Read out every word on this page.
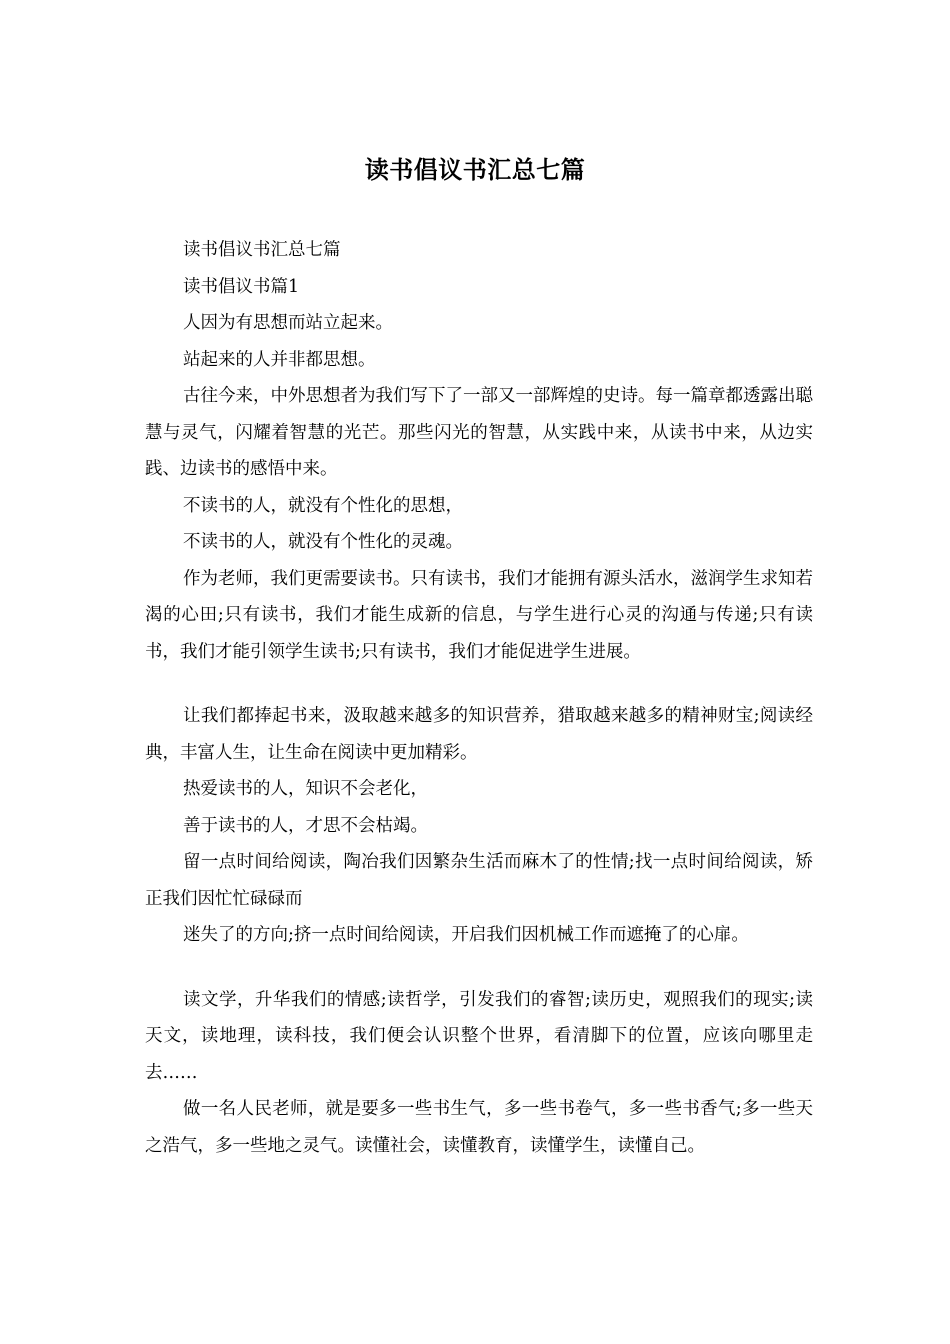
读书倡议书汇总七篇

读书倡议书汇总七篇

读书倡议书篇1

人因为有思想而站立起来。

站起来的人并非都思想。

古往今来，中外思想者为我们写下了一部又一部辉煌的史诗。每一篇章都透露出聪慧与灵气，闪耀着智慧的光芒。那些闪光的智慧，从实践中来，从读书中来，从边实践、边读书的感悟中来。

不读书的人，就没有个性化的思想，

不读书的人，就没有个性化的灵魂。

作为老师，我们更需要读书。只有读书，我们才能拥有源头活水，滋润学生求知若渴的心田;只有读书，我们才能生成新的信息，与学生进行心灵的沟通与传递;只有读书，我们才能引领学生读书;只有读书，我们才能促进学生进展。

让我们都捧起书来，汲取越来越多的知识营养，猎取越来越多的精神财宝;阅读经典，丰富人生，让生命在阅读中更加精彩。

热爱读书的人，知识不会老化，

善于读书的人，才思不会枯竭。

留一点时间给阅读，陶冶我们因繁杂生活而麻木了的性情;找一点时间给阅读，矫正我们因忙忙碌碌而

迷失了的方向;挤一点时间给阅读，开启我们因机械工作而遮掩了的心扉。

读文学，升华我们的情感;读哲学，引发我们的睿智;读历史，观照我们的现实;读天文，读地理，读科技，我们便会认识整个世界，看清脚下的位置，应该向哪里走去……

做一名人民老师，就是要多一些书生气，多一些书卷气，多一些书香气;多一些天之浩气，多一些地之灵气。读懂社会，读懂教育，读懂学生，读懂自己。
